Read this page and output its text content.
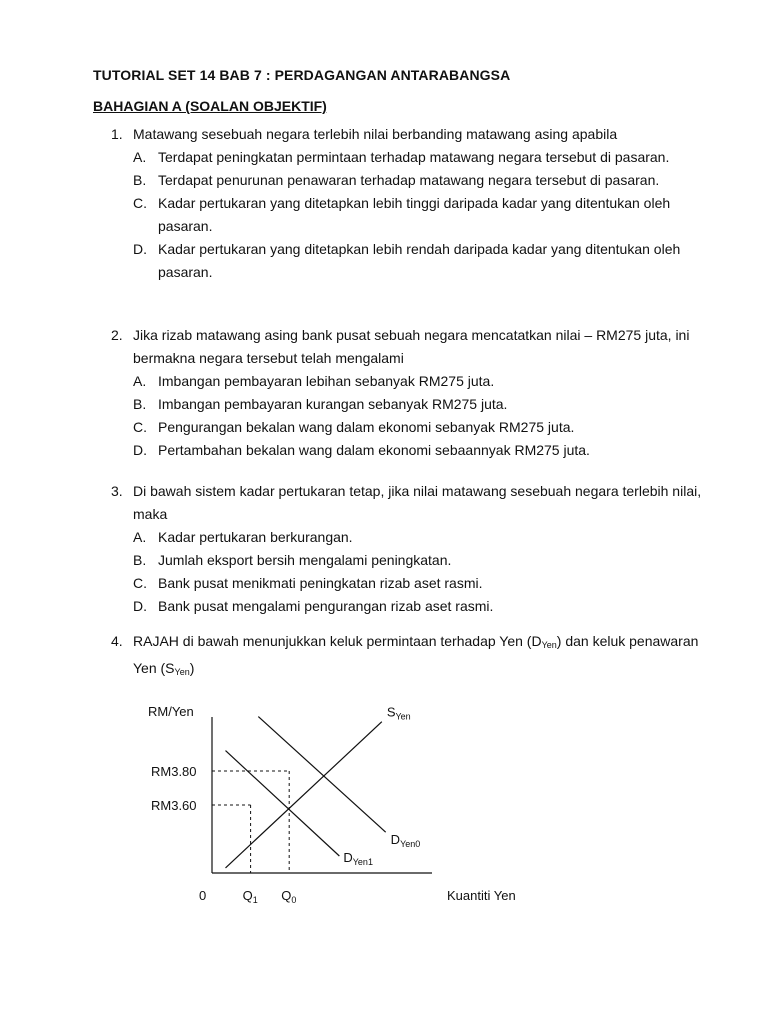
TUTORIAL SET 14 BAB 7 : PERDAGANGAN ANTARABANGSA
BAHAGIAN A (SOALAN OBJEKTIF)
1. Matawang sesebuah negara terlebih nilai berbanding matawang asing apabila
A. Terdapat peningkatan permintaan terhadap matawang negara tersebut di pasaran.
B. Terdapat penurunan penawaran terhadap matawang negara tersebut di pasaran.
C. Kadar pertukaran yang ditetapkan lebih tinggi daripada kadar yang ditentukan oleh pasaran.
D. Kadar pertukaran yang ditetapkan lebih rendah daripada kadar yang ditentukan oleh pasaran.
2. Jika rizab matawang asing bank pusat sebuah negara mencatatkan nilai – RM275 juta, ini bermakna negara tersebut telah mengalami
A. Imbangan pembayaran lebihan sebanyak RM275 juta.
B. Imbangan pembayaran kurangan sebanyak RM275 juta.
C. Pengurangan bekalan wang dalam ekonomi sebanyak RM275 juta.
D. Pertambahan bekalan wang dalam ekonomi sebaannyak RM275 juta.
3. Di bawah sistem kadar pertukaran tetap, jika nilai matawang sesebuah negara terlebih nilai, maka
A. Kadar pertukaran berkurangan.
B. Jumlah eksport bersih mengalami peningkatan.
C. Bank pusat menikmati peningkatan rizab aset rasmi.
D. Bank pusat mengalami pengurangan rizab aset rasmi.
4. RAJAH di bawah menunjukkan keluk permintaan terhadap Yen $(D_{Yen})$ dan keluk penawaran Yen $(S_{Yen})$
RM/Yen
Kuantiti Yen
0
RM3.80
RM3.60
$Q_1$ $Q_0$
$S_{Yen}$
$D_{Yen0}$
$D_{Yen1}$
